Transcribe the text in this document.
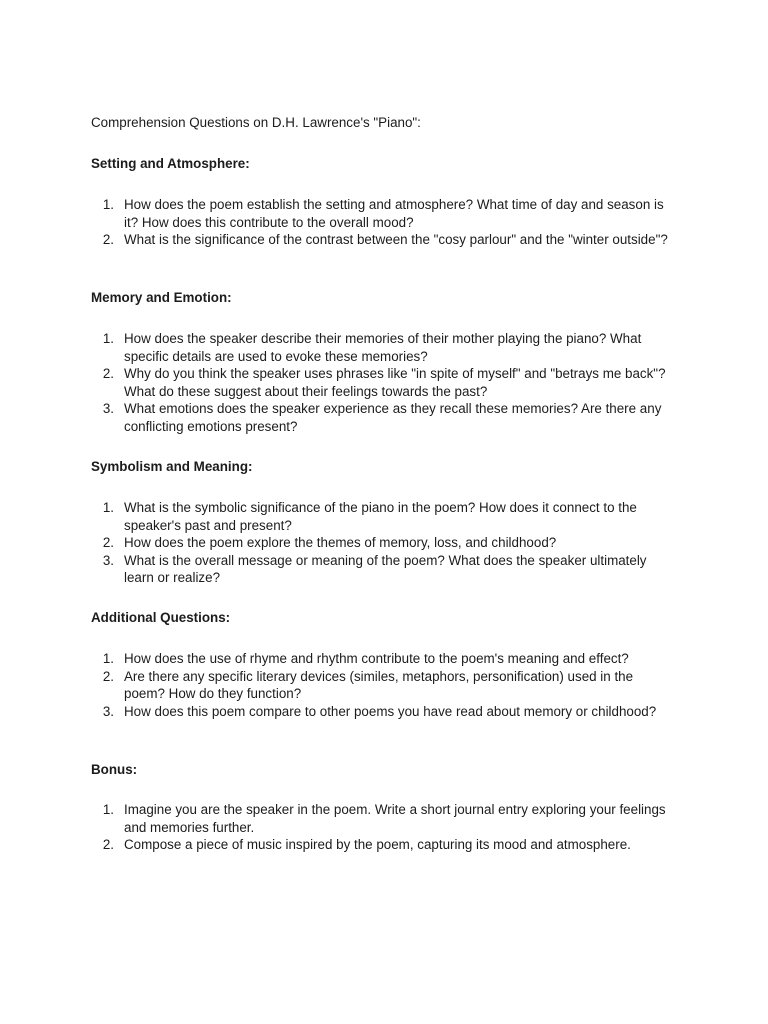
Comprehension Questions on D.H. Lawrence's "Piano":
Setting and Atmosphere:
1. How does the poem establish the setting and atmosphere? What time of day and season is it? How does this contribute to the overall mood?
2. What is the significance of the contrast between the "cosy parlour" and the "winter outside"?
Memory and Emotion:
1. How does the speaker describe their memories of their mother playing the piano? What specific details are used to evoke these memories?
2. Why do you think the speaker uses phrases like "in spite of myself" and "betrays me back"? What do these suggest about their feelings towards the past?
3. What emotions does the speaker experience as they recall these memories? Are there any conflicting emotions present?
Symbolism and Meaning:
1. What is the symbolic significance of the piano in the poem? How does it connect to the speaker's past and present?
2. How does the poem explore the themes of memory, loss, and childhood?
3. What is the overall message or meaning of the poem? What does the speaker ultimately learn or realize?
Additional Questions:
1. How does the use of rhyme and rhythm contribute to the poem's meaning and effect?
2. Are there any specific literary devices (similes, metaphors, personification) used in the poem? How do they function?
3. How does this poem compare to other poems you have read about memory or childhood?
Bonus:
1. Imagine you are the speaker in the poem. Write a short journal entry exploring your feelings and memories further.
2. Compose a piece of music inspired by the poem, capturing its mood and atmosphere.
